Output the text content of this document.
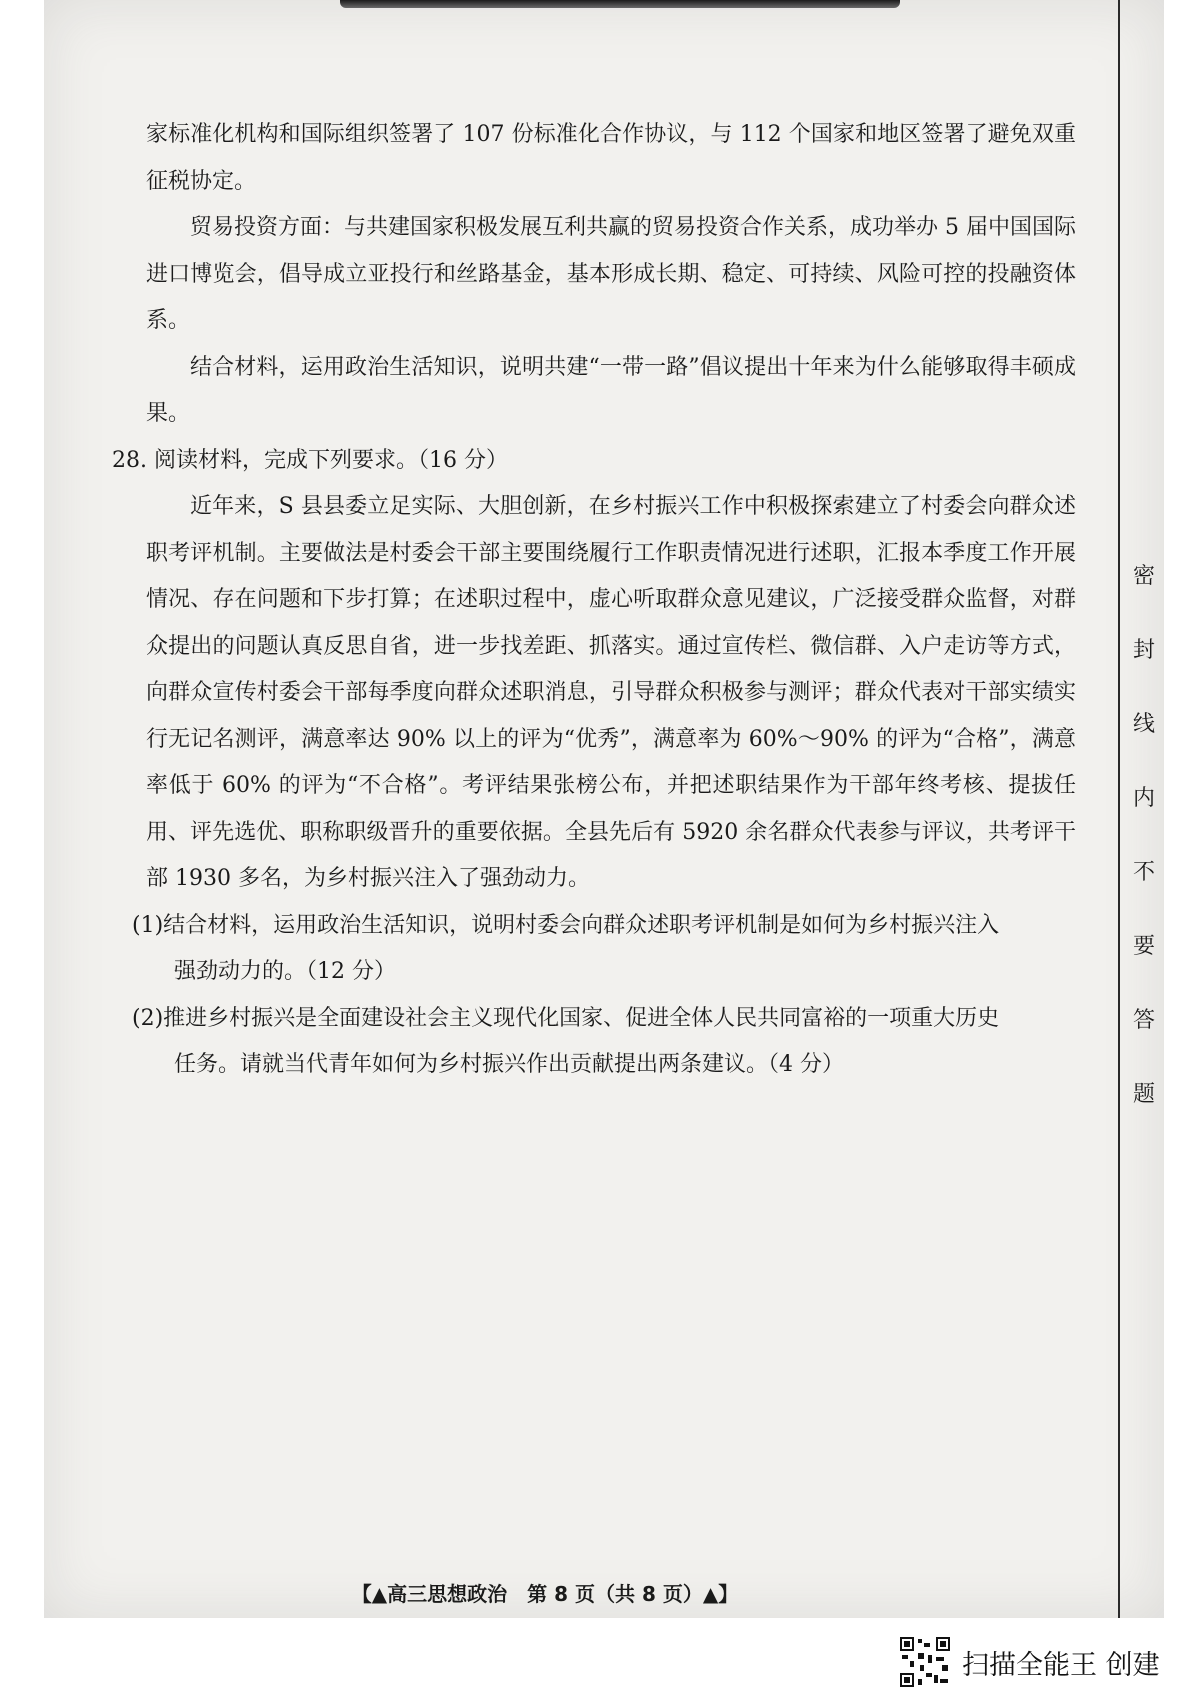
家标准化机构和国际组织签署了 107 份标准化合作协议，与 112 个国家和地区签署了避免双重征税协定。

贸易投资方面：与共建国家积极发展互利共赢的贸易投资合作关系，成功举办 5 届中国国际进口博览会，倡导成立亚投行和丝路基金，基本形成长期、稳定、可持续、风险可控的投融资体系。

结合材料，运用政治生活知识，说明共建“一带一路”倡议提出十年来为什么能够取得丰硕成果。

28. 阅读材料，完成下列要求。（16 分）

近年来，S 县县委立足实际、大胆创新，在乡村振兴工作中积极探索建立了村委会向群众述职考评机制。主要做法是村委会干部主要围绕履行工作职责情况进行述职，汇报本季度工作开展情况、存在问题和下步打算；在述职过程中，虚心听取群众意见建议，广泛接受群众监督，对群众提出的问题认真反思自省，进一步找差距、抓落实。通过宣传栏、微信群、入户走访等方式，向群众宣传村委会干部每季度向群众述职消息，引导群众积极参与测评；群众代表对干部实绩实行无记名测评，满意率达 90% 以上的评为“优秀”，满意率为 60%～90% 的评为“合格”，满意率低于 60% 的评为“不合格”。考评结果张榜公布，并把述职结果作为干部年终考核、提拔任用、评先选优、职称职级晋升的重要依据。全县先后有 5920 余名群众代表参与评议，共考评干部 1930 多名，为乡村振兴注入了强劲动力。

(1)结合材料，运用政治生活知识，说明村委会向群众述职考评机制是如何为乡村振兴注入
强劲动力的。（12 分）

(2)推进乡村振兴是全面建设社会主义现代化国家、促进全体人民共同富裕的一项重大历史
任务。请就当代青年如何为乡村振兴作出贡献提出两条建议。（4 分）

密
封
线
内
不
要
答
题
【▲高三思想政治　第 8 页（共 8 页）▲】
扫描全能王 创建
